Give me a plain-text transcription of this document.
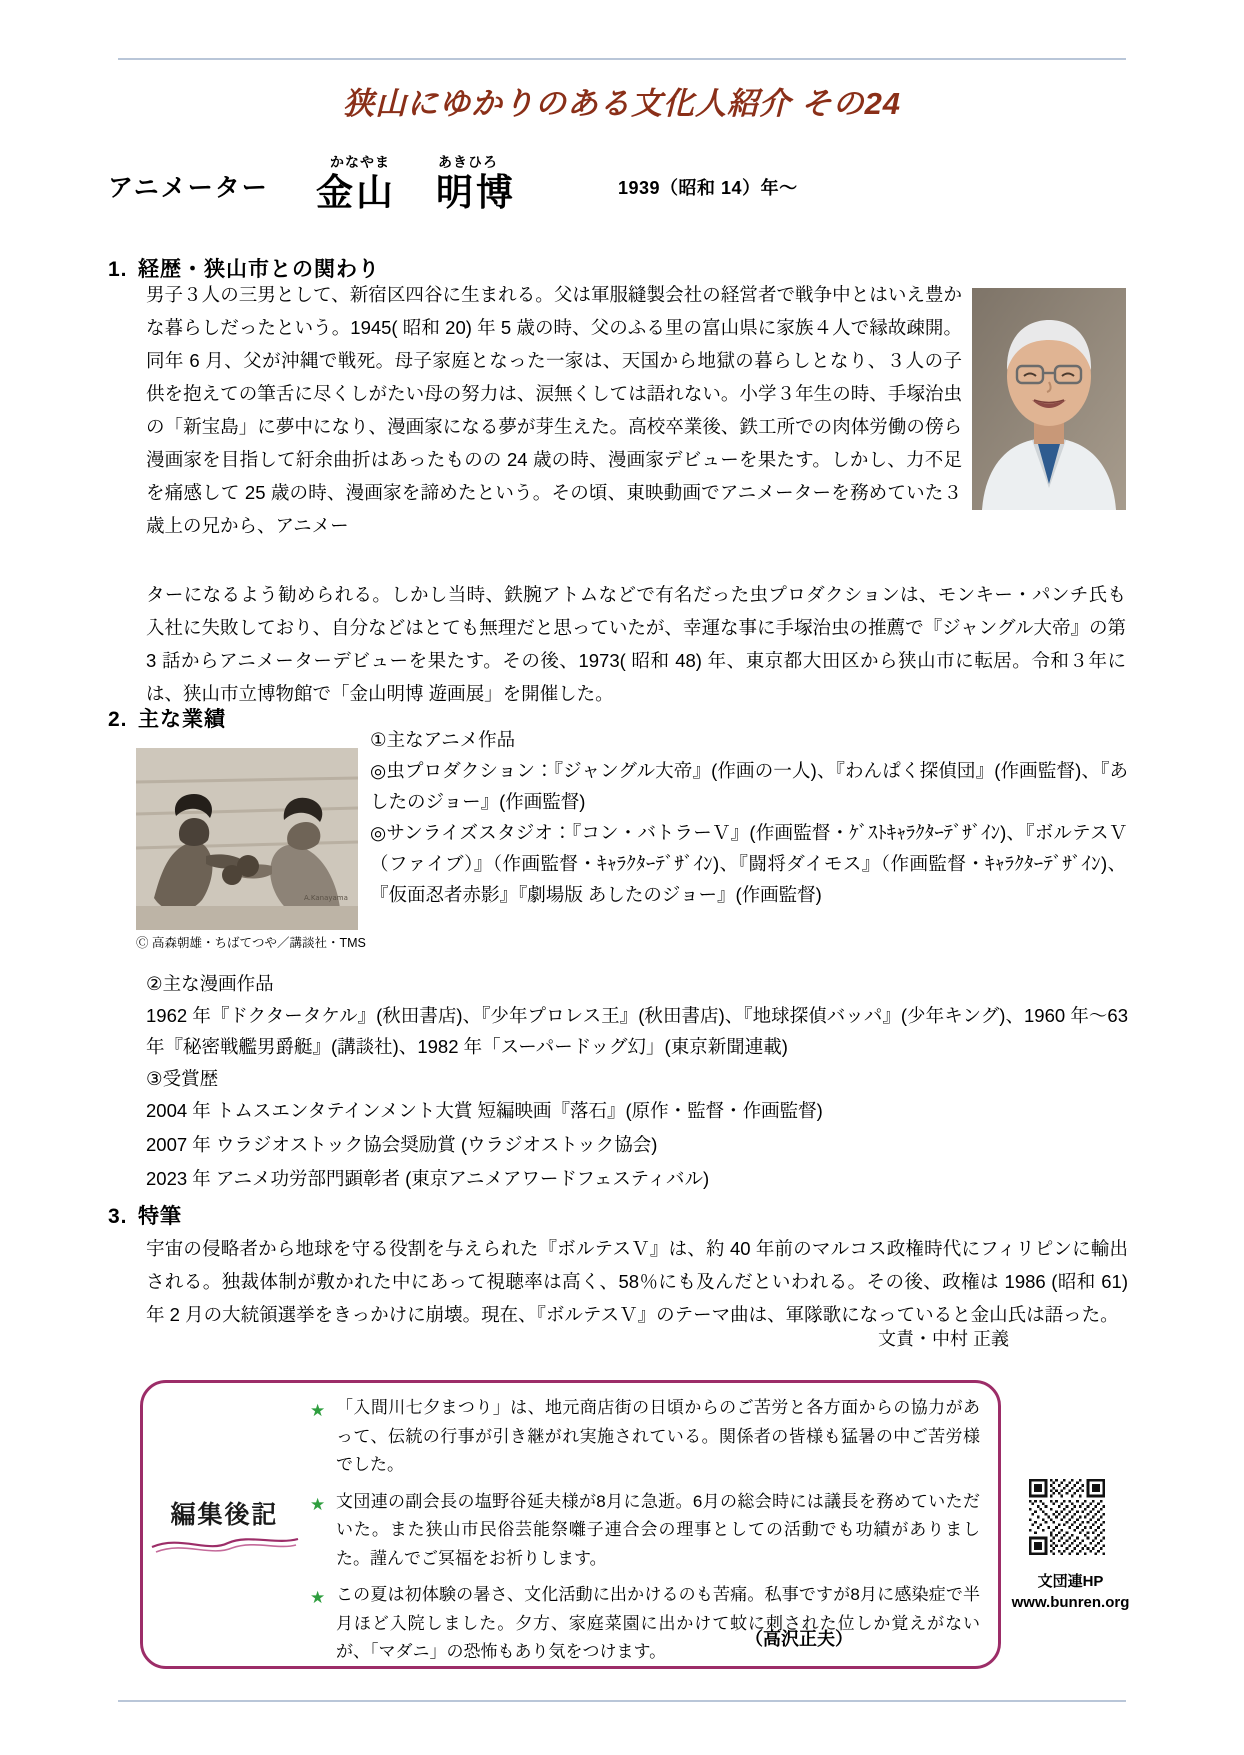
狭山にゆかりのある文化人紹介 その24
アニメーター
かなやま	あきひろ
金山　明博	1939（昭和 14）年～
1. 経歴・狭山市との関わり
男子３人の三男として、新宿区四谷に生まれる。父は軍服縫製会社の経営者で戦争中とはいえ豊かな暮らしだったという。1945( 昭和 20) 年 5 歳の時、父のふる里の富山県に家族４人で縁故疎開。同年 6 月、父が沖縄で戦死。母子家庭となった一家は、天国から地獄の暮らしとなり、３人の子供を抱えての筆舌に尽くしがたい母の努力は、涙無くしては語れない。小学３年生の時、手塚治虫の「新宝島」に夢中になり、漫画家になる夢が芽生えた。高校卒業後、鉄工所での肉体労働の傍ら漫画家を目指して紆余曲折はあったものの 24 歳の時、漫画家デビューを果たす。しかし、力不足を痛感して 25 歳の時、漫画家を諦めたという。その頃、東映動画でアニメーターを務めていた３歳上の兄から、アニメー
ターになるよう勧められる。しかし当時、鉄腕アトムなどで有名だった虫プロダクションは、モンキー・パンチ氏も入社に失敗しており、自分などはとても無理だと思っていたが、幸運な事に手塚治虫の推薦で『ジャングル大帝』の第 3 話からアニメーターデビューを果たす。その後、1973( 昭和 48) 年、東京都大田区から狭山市に転居。令和３年には、狭山市立博物館で「金山明博 遊画展」を開催した。
2. 主な業績
A.Kanayama
Ⓒ 高森朝雄・ちばてつや／講談社・TMS
①主なアニメ作品
◎虫プロダクション：『ジャングル大帝』(作画の一人)、『わんぱく探偵団』(作画監督)、『あしたのジョー』(作画監督)
◎サンライズスタジオ：『コン・バトラーＶ』(作画監督・ｹﾞｽﾄｷｬﾗｸﾀｰﾃﾞｻﾞｲﾝ)、『ボルテスＶ（ファイブ）』（作画監督・ｷｬﾗｸﾀｰﾃﾞｻﾞｲﾝ)、『闘将ダイモス』（作画監督・ｷｬﾗｸﾀｰﾃﾞｻﾞｲﾝ)、『仮面忍者赤影』『劇場版 あしたのジョー』(作画監督)
②主な漫画作品
1962 年『ドクタータケル』(秋田書店)、『少年プロレス王』(秋田書店)、『地球探偵バッパ』(少年キング)、1960 年～63年『秘密戦艦男爵艇』(講談社)、1982 年「スーパードッグ幻」(東京新聞連載)
③受賞歴
2004 年 トムスエンタテインメント大賞 短編映画『落石』(原作・監督・作画監督)
2007 年 ウラジオストック協会奨励賞 (ウラジオストック協会)
2023 年 アニメ功労部門顕彰者 (東京アニメアワードフェスティバル)
3. 特筆
宇宙の侵略者から地球を守る役割を与えられた『ボルテスＶ』は、約 40 年前のマルコス政権時代にフィリピンに輸出される。独裁体制が敷かれた中にあって視聴率は高く、58％にも及んだといわれる。その後、政権は 1986 (昭和 61) 年 2 月の大統領選挙をきっかけに崩壊。現在、『ボルテスＶ』のテーマ曲は、軍隊歌になっていると金山氏は語った。
文責・中村 正義
編集後記
★ 「入間川七夕まつり」は、地元商店街の日頃からのご苦労と各方面からの協力があって、伝統の行事が引き継がれ実施されている。関係者の皆様も猛暑の中ご苦労様でした。
★ 文団連の副会長の塩野谷延夫様が8月に急逝。6月の総会時には議長を務めていただいた。また狭山市民俗芸能祭囃子連合会の理事としての活動でも功績がありました。謹んでご冥福をお祈りします。
★ この夏は初体験の暑さ、文化活動に出かけるのも苦痛。私事ですが8月に感染症で半月ほど入院しました。夕方、家庭菜園に出かけて蚊に刺された位しか覚えがないが、「マダニ」の恐怖もあり気をつけます。
（高沢正夫）
文団連HP
www.bunren.org
